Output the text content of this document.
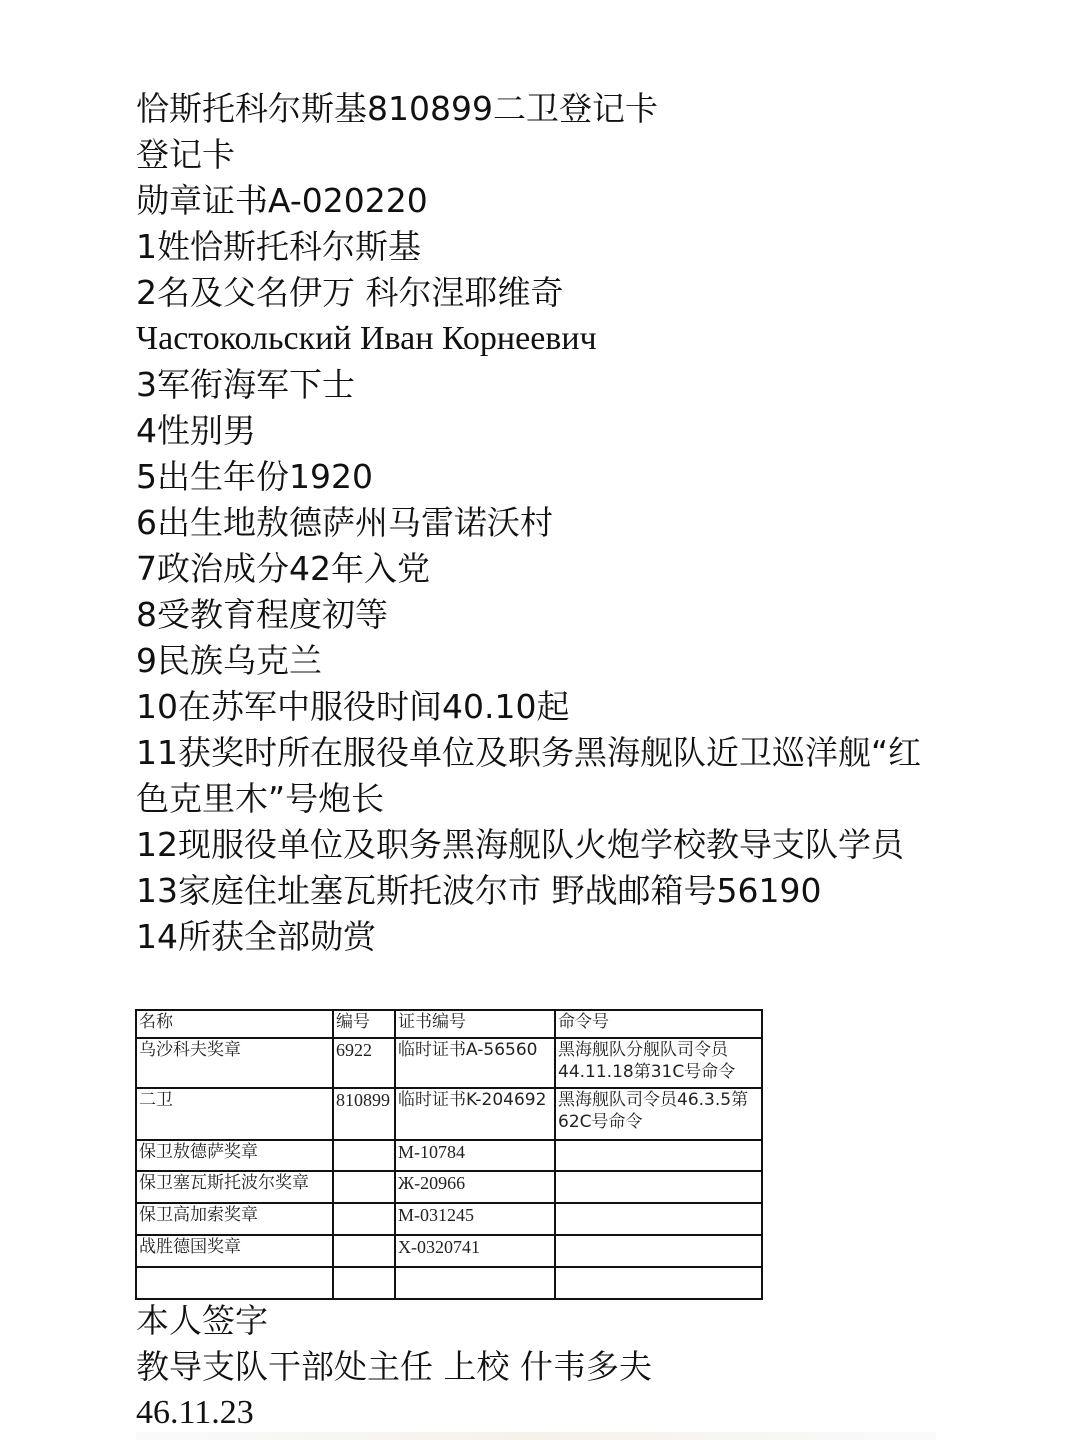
恰斯托科尔斯基810899二卫登记卡
登记卡
勋章证书A-020220
1姓恰斯托科尔斯基
2名及父名伊万 科尔涅耶维奇
Частокольский Иван Корнеевич
3军衔海军下士
4性别男
5出生年份1920
6出生地敖德萨州马雷诺沃村
7政治成分42年入党
8受教育程度初等
9民族乌克兰
10在苏军中服役时间40.10起
11获奖时所在服役单位及职务黑海舰队近卫巡洋舰“红色克里木”号炮长
12现服役单位及职务黑海舰队火炮学校教导支队学员
13家庭住址塞瓦斯托波尔市 野战邮箱号56190
14所获全部勋赏
名称	编号	证书编号	命令号
乌沙科夫奖章	6922	临时证书A-56560	黑海舰队分舰队司令员44.11.18第31C号命令
二卫	810899	临时证书K-204692	黑海舰队司令员46.3.5第62C号命令
保卫敖德萨奖章		M-10784	
保卫塞瓦斯托波尔奖章		Ж-20966	
保卫高加索奖章		M-031245	
战胜德国奖章		X-0320741	

本人签字
教导支队干部处主任 上校 什韦多夫
46.11.23
